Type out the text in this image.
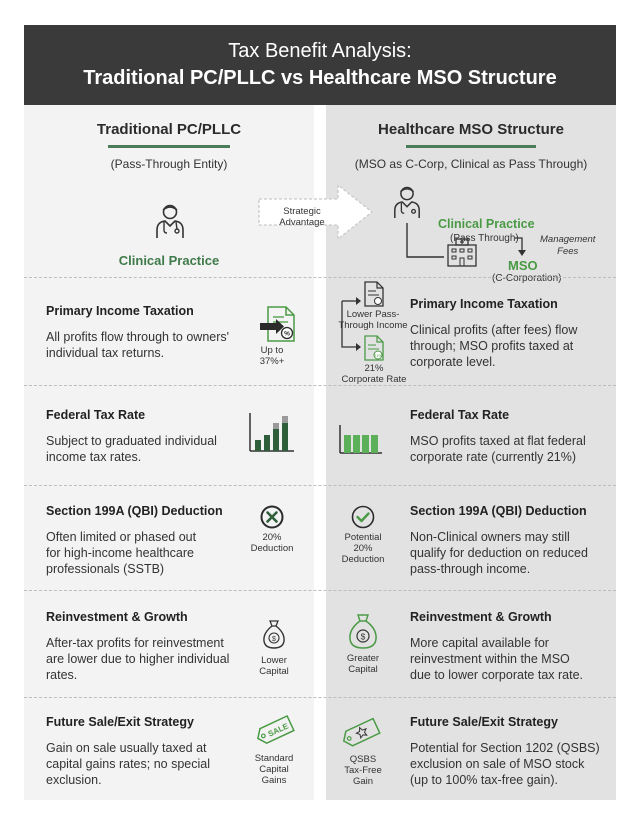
Tax Benefit Analysis:
Traditional PC/PLLC vs Healthcare MSO Structure
Traditional PC/PLLC
(Pass-Through Entity)
Clinical Practice
Healthcare MSO Structure
(MSO as C-Corp, Clinical as Pass Through)
Clinical Practice
(Pass Through) Management
Fees
MSO
(C-Corporation)
Strategic Advantage
Primary Income Taxation
All profits flow through to owners'
individual tax returns.
%
Up to
37%+
Lower Pass-
Through Income
21%
21%
Corporate Rate
Primary Income Taxation
Clinical profits (after fees) flow
through; MSO profits taxed at
corporate level.
Federal Tax Rate
Subject to graduated individual
income tax rates.
Federal Tax Rate
MSO profits taxed at flat federal
corporate rate (currently 21%)
Section 199A (QBI) Deduction
Often limited or phased out
for high-income healthcare
professionals (SSTB)
20%
Deduction
Potential
20%
Deduction
Section 199A (QBI) Deduction
Non-Clinical owners may still
qualify for deduction on reduced
pass-through income.
Reinvestment & Growth
After-tax profits for reinvestment
are lower due to higher individual
rates.
$
Lower
Capital
$
Greater
Capital
Reinvestment & Growth
More capital available for
reinvestment within the MSO
due to lower corporate tax rate.
Future Sale/Exit Strategy
Gain on sale usually taxed at
capital gains rates; no special
exclusion.
SALE
Standard
Capital
Gains
QSBS
Tax-Free
Gain
Future Sale/Exit Strategy
Potential for Section 1202 (QSBS)
exclusion on sale of MSO stock
(up to 100% tax-free gain).
